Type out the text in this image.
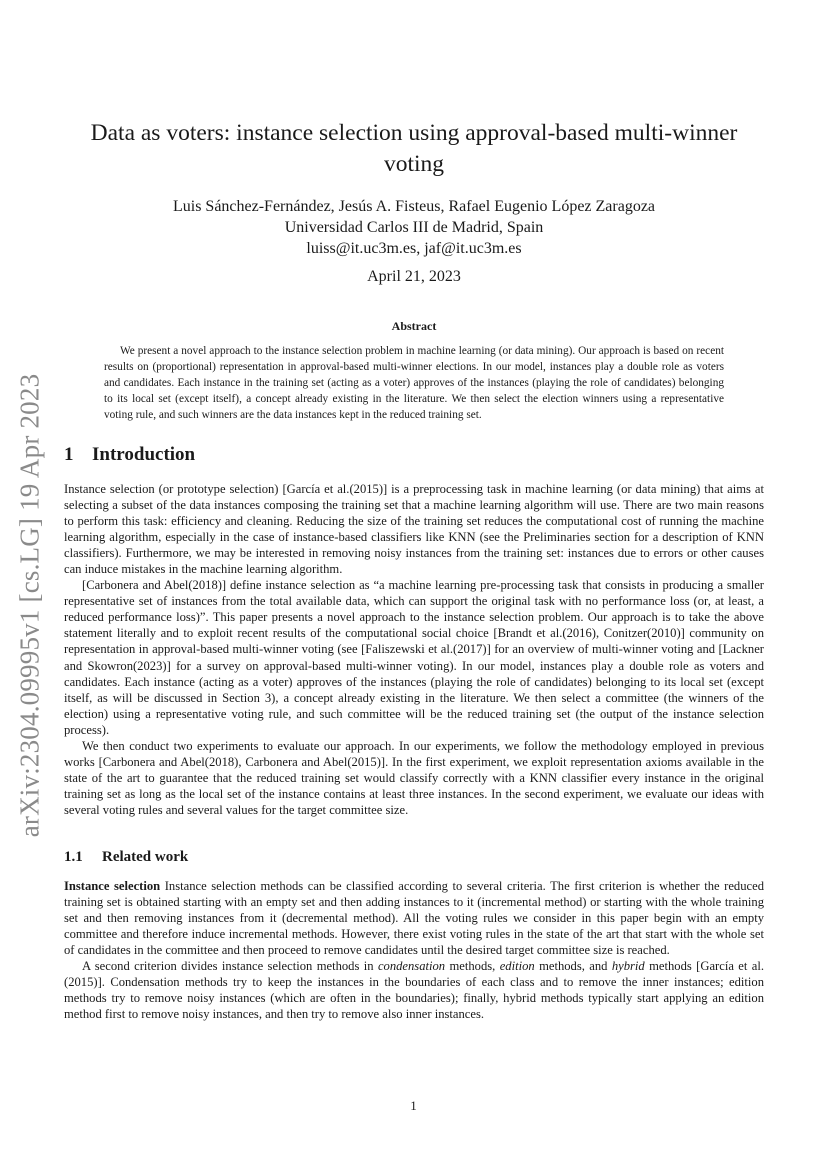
arXiv:2304.09995v1 [cs.LG] 19 Apr 2023
Data as voters: instance selection using approval-based multi-winner voting
Luis Sánchez-Fernández, Jesús A. Fisteus, Rafael Eugenio López Zaragoza
Universidad Carlos III de Madrid, Spain
luiss@it.uc3m.es, jaf@it.uc3m.es
April 21, 2023
Abstract

We present a novel approach to the instance selection problem in machine learning (or data mining). Our approach is based on recent results on (proportional) representation in approval-based multi-winner elections. In our model, instances play a double role as voters and candidates. Each instance in the training set (acting as a voter) approves of the instances (playing the role of candidates) belonging to its local set (except itself), a concept already existing in the literature. We then select the election winners using a representative voting rule, and such winners are the data instances kept in the reduced training set.

1 Introduction

Instance selection (or prototype selection) [García et al.(2015)] is a preprocessing task in machine learning (or data mining) that aims at selecting a subset of the data instances composing the training set that a machine learning algorithm will use. There are two main reasons to perform this task: efficiency and cleaning. Reducing the size of the training set reduces the computational cost of running the machine learning algorithm, especially in the case of instance-based classifiers like KNN (see the Preliminaries section for a description of KNN classifiers). Furthermore, we may be interested in removing noisy instances from the training set: instances due to errors or other causes can induce mistakes in the machine learning algorithm.

[Carbonera and Abel(2018)] define instance selection as “a machine learning pre-processing task that consists in producing a smaller representative set of instances from the total available data, which can support the original task with no performance loss (or, at least, a reduced performance loss)”. This paper presents a novel approach to the instance selection problem. Our approach is to take the above statement literally and to exploit recent results of the computational social choice [Brandt et al.(2016), Conitzer(2010)] community on representation in approval-based multi-winner voting (see [Faliszewski et al.(2017)] for an overview of multi-winner voting and [Lackner and Skowron(2023)] for a survey on approval-based multi-winner voting). In our model, instances play a double role as voters and candidates. Each instance (acting as a voter) approves of the instances (playing the role of candidates) belonging to its local set (except itself, as will be discussed in Section 3), a concept already existing in the literature. We then select a committee (the winners of the election) using a representative voting rule, and such committee will be the reduced training set (the output of the instance selection process).

We then conduct two experiments to evaluate our approach. In our experiments, we follow the methodology employed in previous works [Carbonera and Abel(2018), Carbonera and Abel(2015)]. In the first experiment, we exploit representation axioms available in the state of the art to guarantee that the reduced training set would classify correctly with a KNN classifier every instance in the original training set as long as the local set of the instance contains at least three instances. In the second experiment, we evaluate our ideas with several voting rules and several values for the target committee size.

1.1 Related work

Instance selection Instance selection methods can be classified according to several criteria. The first criterion is whether the reduced training set is obtained starting with an empty set and then adding instances to it (incremental method) or starting with the whole training set and then removing instances from it (decremental method). All the voting rules we consider in this paper begin with an empty committee and therefore induce incremental methods. However, there exist voting rules in the state of the art that start with the whole set of candidates in the committee and then proceed to remove candidates until the desired target committee size is reached.

A second criterion divides instance selection methods in condensation methods, edition methods, and hybrid methods [García et al.(2015)]. Condensation methods try to keep the instances in the boundaries of each class and to remove the inner instances; edition methods try to remove noisy instances (which are often in the boundaries); finally, hybrid methods typically start applying an edition method first to remove noisy instances, and then try to remove also inner instances.

1
